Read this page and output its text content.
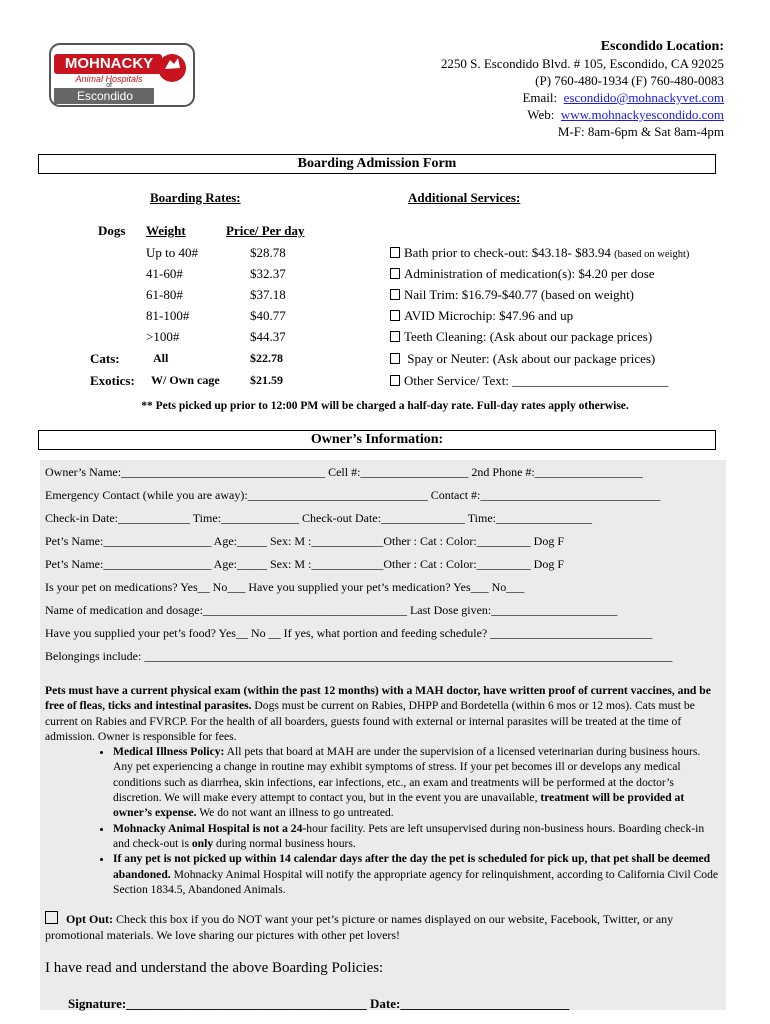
MOHNACKY
Animal Hospitals
of
Escondido
Escondido Location:
2250 S. Escondido Blvd. # 105, Escondido, CA 92025
(P) 760-480-1934 (F) 760-480-0083
Email: escondido@mohnackyvet.com
Web: www.mohnackyescondido.com
M-F: 8am-6pm & Sat 8am-4pm
Boarding Admission Form
Boarding Rates:
Dogs Weight	Price/ Per day
Up to 40#	$28.78
41-60#	$32.37
61-80#	$37.18
81-100#	$40.77
>100#	$44.37
Cats:	All	$22.78
Exotics: W/ Own cage	$21.59
Additional Services:
Bath prior to check-out: $43.18- $83.94 (based on weight)
Administration of medication(s): $4.20 per dose
Nail Trim: $16.79-$40.77 (based on weight)
AVID Microchip: $47.96 and up
Teeth Cleaning: (Ask about our package prices)
Spay or Neuter: (Ask about our package prices)
Other Service/ Text: ________________________
** Pets picked up prior to 12:00 PM will be charged a half-day rate. Full-day rates apply otherwise.
Owner’s Information:
Owner’s Name:__________________________________ Cell #:__________________ 2nd Phone #:__________________
Emergency Contact (while you are away):______________________________ Contact #:______________________________
Check-in Date:____________ Time:_____________ Check-out Date:______________ Time:________________
Pet’s Name:__________________ Age:_____ Sex: M :____________Other : Cat : Color:_________ Dog F
Pet’s Name:__________________ Age:_____ Sex: M :____________Other : Cat : Color:_________ Dog F
Is your pet on medications? Yes__ No___ Have you supplied your pet’s medication? Yes___ No___
Name of medication and dosage:__________________________________ Last Dose given:_____________________
Have you supplied your pet’s food? Yes__ No __ If yes, what portion and feeding schedule? ___________________________
Belongings include: ________________________________________________________________________________________
Pets must have a current physical exam (within the past 12 months) with a MAH doctor, have written proof of current vaccines, and be free of fleas, ticks and intestinal parasites. Dogs must be current on Rabies, DHPP and Bordetella (within 6 mos or 12 mos). Cats must be current on Rabies and FVRCP. For the health of all boarders, guests found with external or internal parasites will be treated at the time of admission. Owner is responsible for fees.
• Medical Illness Policy: All pets that board at MAH are under the supervision of a licensed veterinarian during business hours. Any pet experiencing a change in routine may exhibit symptoms of stress. If your pet becomes ill or develops any medical conditions such as diarrhea, skin infections, ear infections, etc., an exam and treatments will be performed at the doctor’s discretion. We will make every attempt to contact you, but in the event you are unavailable, treatment will be provided at owner’s expense. We do not want an illness to go untreated.
• Mohnacky Animal Hospital is not a 24-hour facility. Pets are left unsupervised during non-business hours. Boarding check-in and check-out is only during normal business hours.
• If any pet is not picked up within 14 calendar days after the day the pet is scheduled for pick up, that pet shall be deemed abandoned. Mohnacky Animal Hospital will notify the appropriate agency for relinquishment, according to California Civil Code Section 1834.5, Abandoned Animals.
Opt Out: Check this box if you do NOT want your pet’s picture or names displayed on our website, Facebook, Twitter, or any promotional materials. We love sharing our pictures with other pet lovers!
I have read and understand the above Boarding Policies:
Signature:_____________________________________ Date:__________________________
